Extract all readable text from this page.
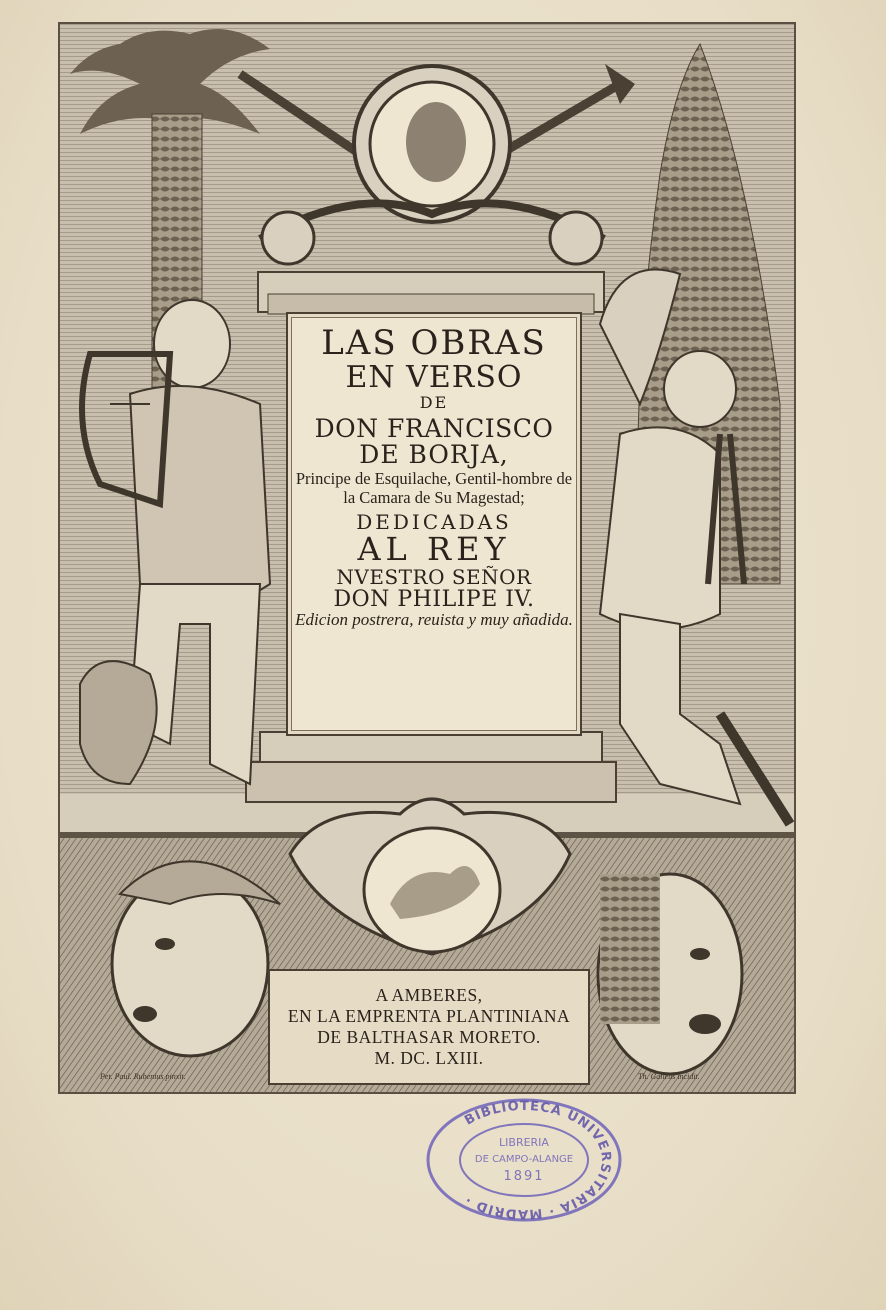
LAS OBRAS
EN VERSO
DE
DON FRANCISCO
DE BORJA,
Principe de Esquilache, Gentil-hombre de la Camara de Su Magestad;
DEDICADAS
AL REY
NVESTRO SEÑOR
DON PHILIPE IV.
Edicion postrera, reuista y muy añadida.
A AMBERES,
EN LA EMPRENTA PLANTINIANA
DE BALTHASAR MORETO.
M. DC. LXIII.
Pet. Paul. Rubenius pinxit.	Th. Galleus incidit.
BIBLIOTECA UNIVERSITARIA · MADRID ·
LIBRERIA
DE CAMPO-ALANGE
1891
